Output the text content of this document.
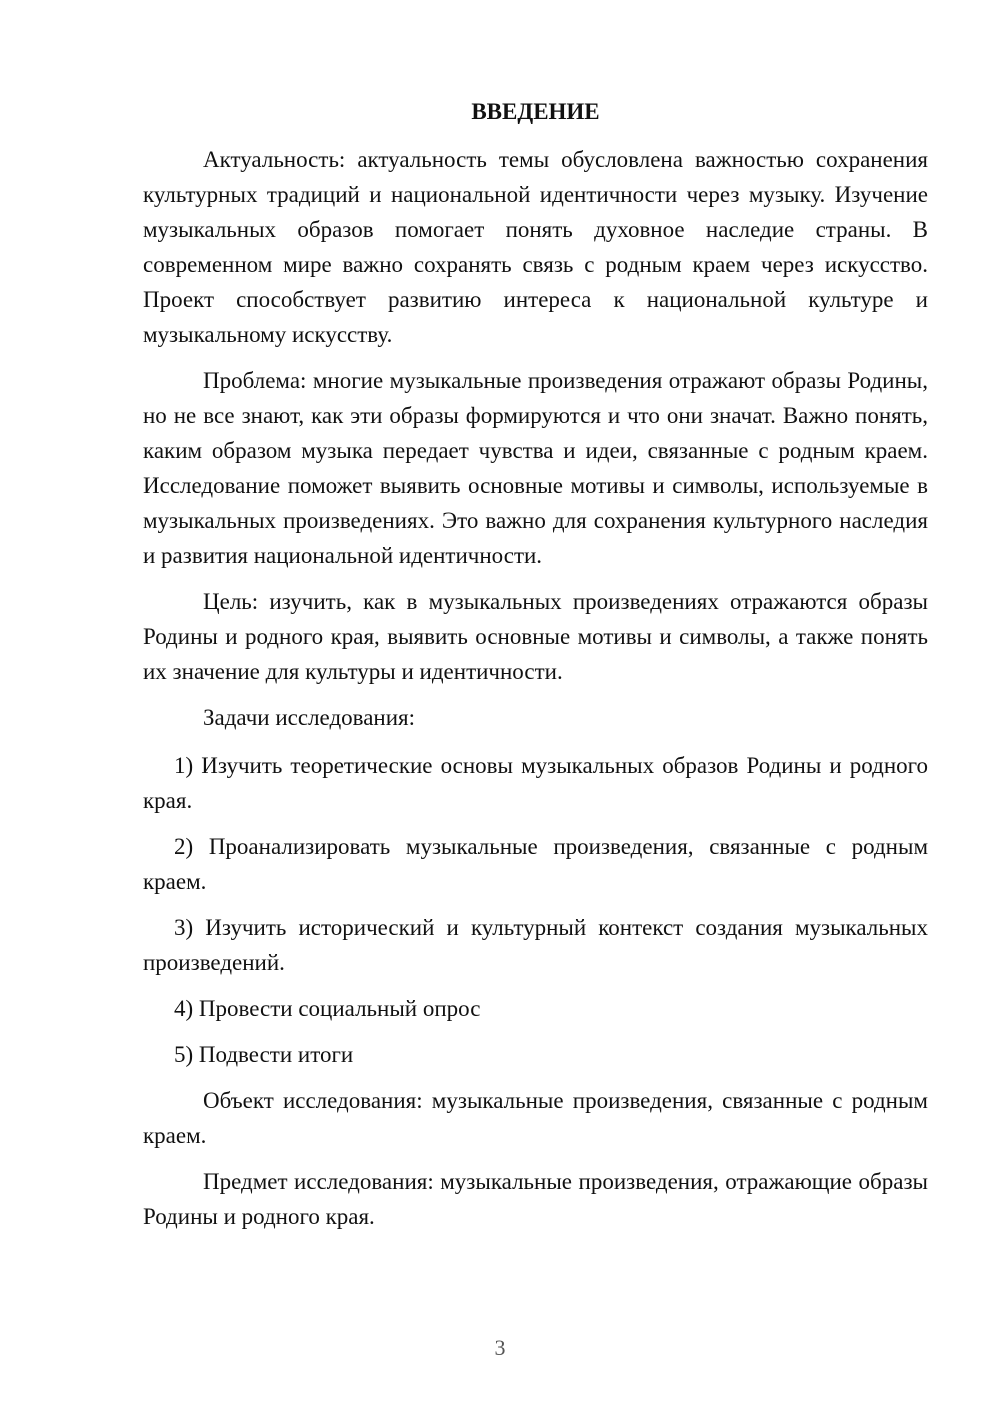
ВВЕДЕНИЕ

Актуальность: актуальность темы обусловлена важностью сохранения культурных традиций и национальной идентичности через музыку. Изучение музыкальных образов помогает понять духовное наследие страны. В современном мире важно сохранять связь с родным краем через искусство. Проект способствует развитию интереса к национальной культуре и музыкальному искусству.

Проблема: многие музыкальные произведения отражают образы Родины, но не все знают, как эти образы формируются и что они значат. Важно понять, каким образом музыка передает чувства и идеи, связанные с родным краем. Исследование поможет выявить основные мотивы и символы, используемые в музыкальных произведениях. Это важно для сохранения культурного наследия и развития национальной идентичности.

Цель: изучить, как в музыкальных произведениях отражаются образы Родины и родного края, выявить основные мотивы и символы, а также понять их значение для культуры и идентичности.

Задачи исследования:

1) Изучить теоретические основы музыкальных образов Родины и родного края.

2) Проанализировать музыкальные произведения, связанные с родным краем.

3) Изучить исторический и культурный контекст создания музыкальных произведений.

4) Провести социальный опрос

5) Подвести итоги

Объект исследования: музыкальные произведения, связанные с родным краем.

Предмет исследования: музыкальные произведения, отражающие образы Родины и родного края.

3
